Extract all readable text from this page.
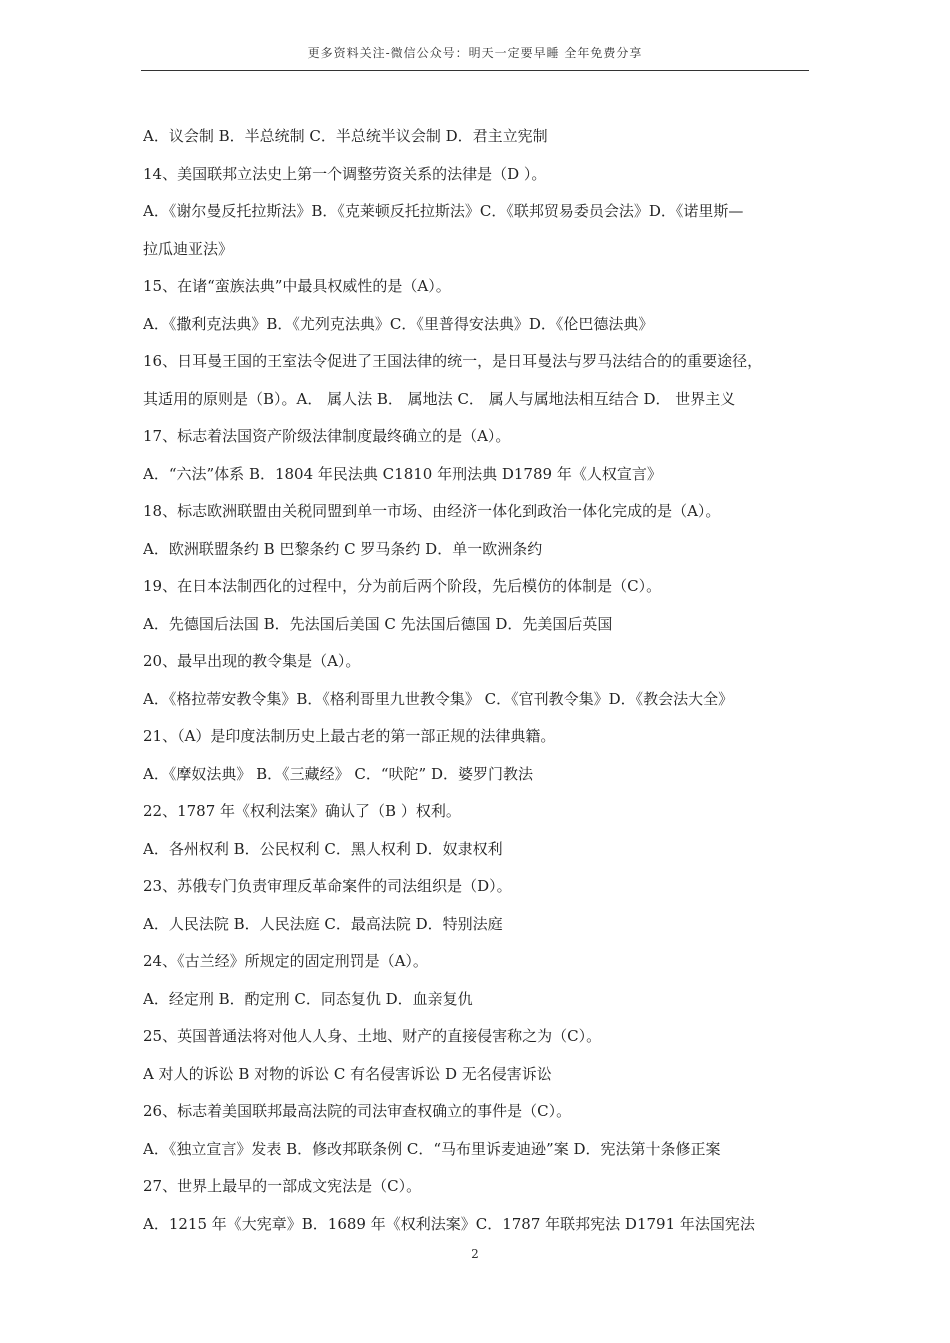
更多资料关注-微信公众号：明天一定要早睡 全年免费分享
A．议会制 B．半总统制 C．半总统半议会制 D．君主立宪制
14、美国联邦立法史上第一个调整劳资关系的法律是（D ）。
A．《谢尔曼反托拉斯法》B．《克莱顿反托拉斯法》C．《联邦贸易委员会法》D．《诺里斯—
拉瓜迪亚法》
15、在诸“蛮族法典”中最具权威性的是（A）。
A．《撒利克法典》B．《尤列克法典》C．《里普得安法典》D．《伦巴德法典》
16、日耳曼王国的王室法令促进了王国法律的统一，是日耳曼法与罗马法结合的的重要途径，
其适用的原则是（B）。A． 属人法 B． 属地法 C． 属人与属地法相互结合 D． 世界主义
17、标志着法国资产阶级法律制度最终确立的是（A）。
A．“六法”体系 B．1804 年民法典 C1810 年刑法典 D1789 年《人权宣言》
18、标志欧洲联盟由关税同盟到单一市场、由经济一体化到政治一体化完成的是（A）。
A．欧洲联盟条约 B 巴黎条约 C 罗马条约 D．单一欧洲条约
19、在日本法制西化的过程中，分为前后两个阶段，先后模仿的体制是（C）。
A．先德国后法国 B．先法国后美国 C 先法国后德国 D．先美国后英国
20、最早出现的教令集是（A）。
A．《格拉蒂安教令集》B．《格利哥里九世教令集》 C．《官刊教令集》D．《教会法大全》
21、（A）是印度法制历史上最古老的第一部正规的法律典籍。
A．《摩奴法典》 B．《三藏经》 C．“吠陀” D．婆罗门教法
22、1787 年《权利法案》确认了（B ）权利。
A．各州权利 B．公民权利 C．黑人权利 D．奴隶权利
23、苏俄专门负责审理反革命案件的司法组织是（D）。
A．人民法院 B．人民法庭 C．最高法院 D．特别法庭
24、《古兰经》所规定的固定刑罚是（A）。
A．经定刑 B．酌定刑 C．同态复仇 D．血亲复仇
25、英国普通法将对他人人身、土地、财产的直接侵害称之为（C）。
A 对人的诉讼 B 对物的诉讼 C 有名侵害诉讼 D 无名侵害诉讼
26、标志着美国联邦最高法院的司法审查权确立的事件是（C）。
A．《独立宣言》发表 B．修改邦联条例 C．“马布里诉麦迪逊”案 D．宪法第十条修正案
27、世界上最早的一部成文宪法是（C）。
A．1215 年《大宪章》B．1689 年《权利法案》C．1787 年联邦宪法 D1791 年法国宪法
2
